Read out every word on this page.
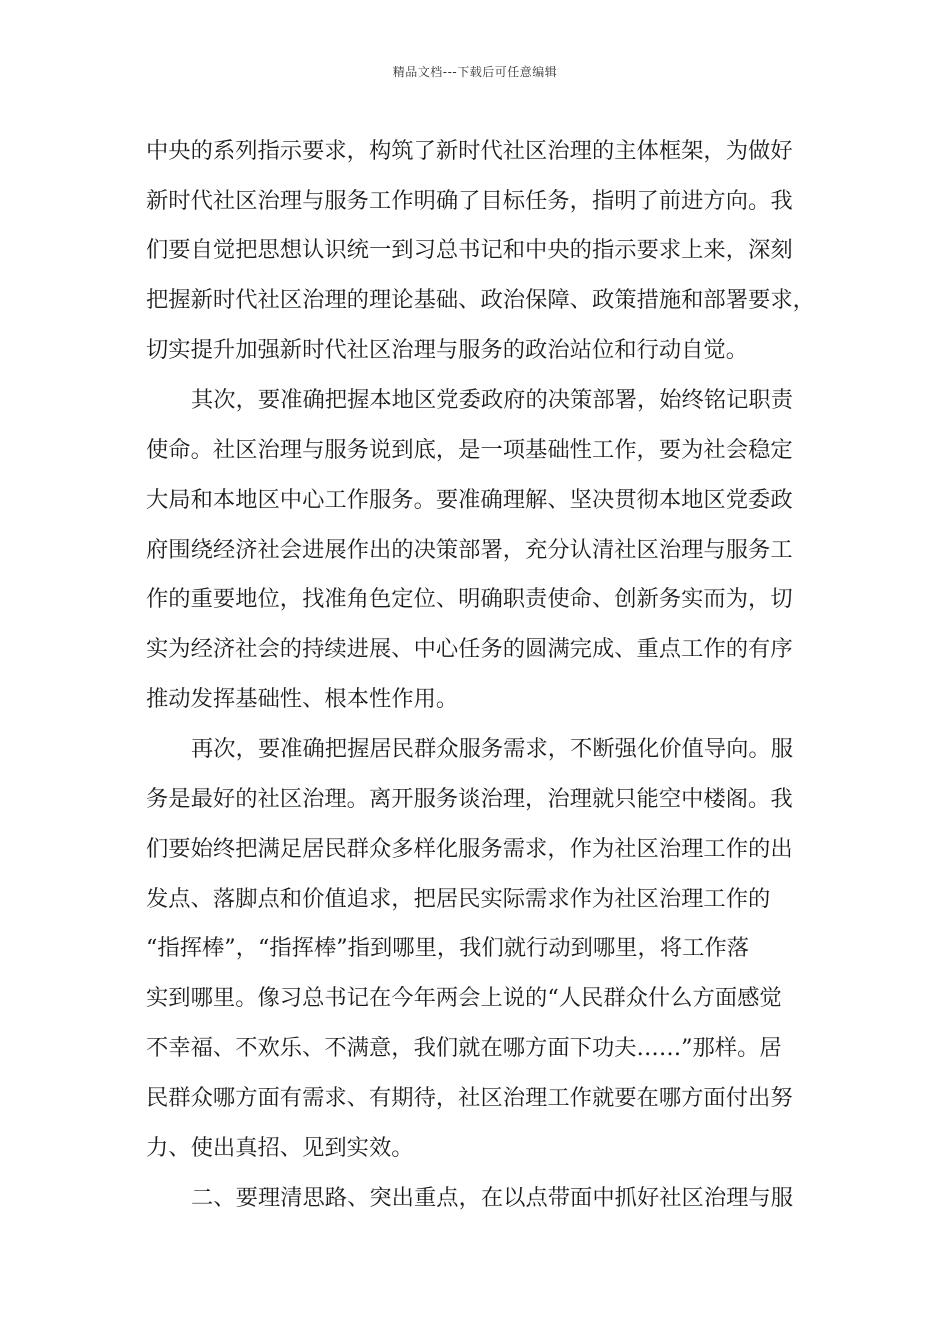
精品文档---下载后可任意编辑
中央的系列指示要求，构筑了新时代社区治理的主体框架，为做好
新时代社区治理与服务工作明确了目标任务，指明了前进方向。我
们要自觉把思想认识统一到习总书记和中央的指示要求上来，深刻
把握新时代社区治理的理论基础、政治保障、政策措施和部署要求，
切实提升加强新时代社区治理与服务的政治站位和行动自觉。
其次，要准确把握本地区党委政府的决策部署，始终铭记职责
使命。社区治理与服务说到底，是一项基础性工作，要为社会稳定
大局和本地区中心工作服务。要准确理解、坚决贯彻本地区党委政
府围绕经济社会进展作出的决策部署，充分认清社区治理与服务工
作的重要地位，找准角色定位、明确职责使命、创新务实而为，切
实为经济社会的持续进展、中心任务的圆满完成、重点工作的有序
推动发挥基础性、根本性作用。
再次，要准确把握居民群众服务需求，不断强化价值导向。服
务是最好的社区治理。离开服务谈治理，治理就只能空中楼阁。我
们要始终把满足居民群众多样化服务需求，作为社区治理工作的出
发点、落脚点和价值追求，把居民实际需求作为社区治理工作的
“指挥棒”，“指挥棒”指到哪里，我们就行动到哪里，将工作落
实到哪里。像习总书记在今年两会上说的“人民群众什么方面感觉
不幸福、不欢乐、不满意，我们就在哪方面下功夫……”那样。居
民群众哪方面有需求、有期待，社区治理工作就要在哪方面付出努
力、使出真招、见到实效。
二、要理清思路、突出重点，在以点带面中抓好社区治理与服
